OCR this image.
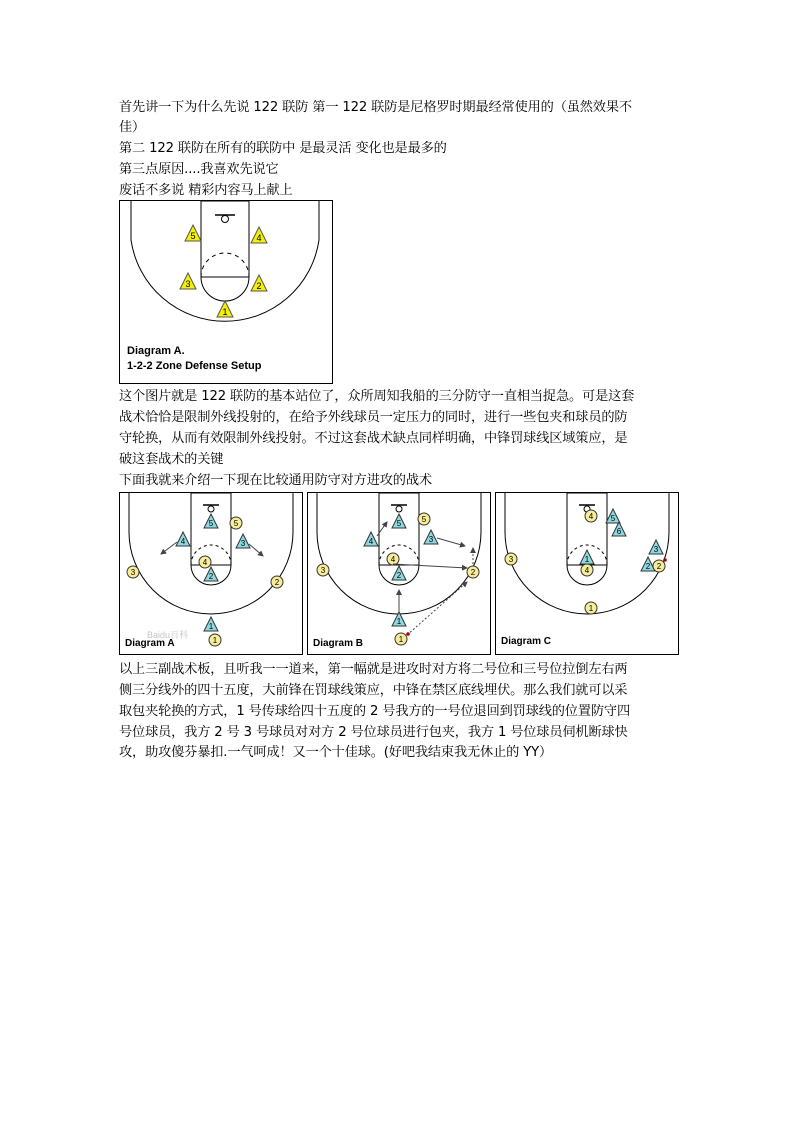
首先讲一下为什么先说 122 联防 第一 122 联防是尼格罗时期最经常使用的（虽然效果不
佳）
第二 122 联防在所有的联防中 是最灵活 变化也是最多的
第三点原因....我喜欢先说它
废话不多说 精彩内容马上献上
5	4
3	2
1
Diagram A.
1-2-2 Zone Defense Setup
这个图片就是 122 联防的基本站位了，众所周知我船的三分防守一直相当捉急。可是这套
战术恰恰是限制外线投射的，在给予外线球员一定压力的同时，进行一些包夹和球员的防
守轮换，从而有效限制外线投射。不过这套战术缺点同样明确，中锋罚球线区域策应，是
破这套战术的关键
下面我就来介绍一下现在比较通用防守对方进攻的战术
5
4	3
2
1
5
4
3
2
1
Diagram A
Baidu百科
5
4	3
2
1
5
4
3	2
1
Diagram B
5
6
1
3
2
4
4
3
2
1
Diagram C
以上三副战术板，且听我一一道来，第一幅就是进攻时对方将二号位和三号位拉倒左右两
侧三分线外的四十五度，大前锋在罚球线策应，中锋在禁区底线埋伏。那么我们就可以采
取包夹轮换的方式，1 号传球给四十五度的 2 号我方的一号位退回到罚球线的位置防守四
号位球员，我方 2 号 3 号球员对对方 2 号位球员进行包夹，我方 1 号位球员伺机断球快
攻，助攻傻芬暴扣.一气呵成！又一个十佳球。(好吧我结束我无休止的 YY）
